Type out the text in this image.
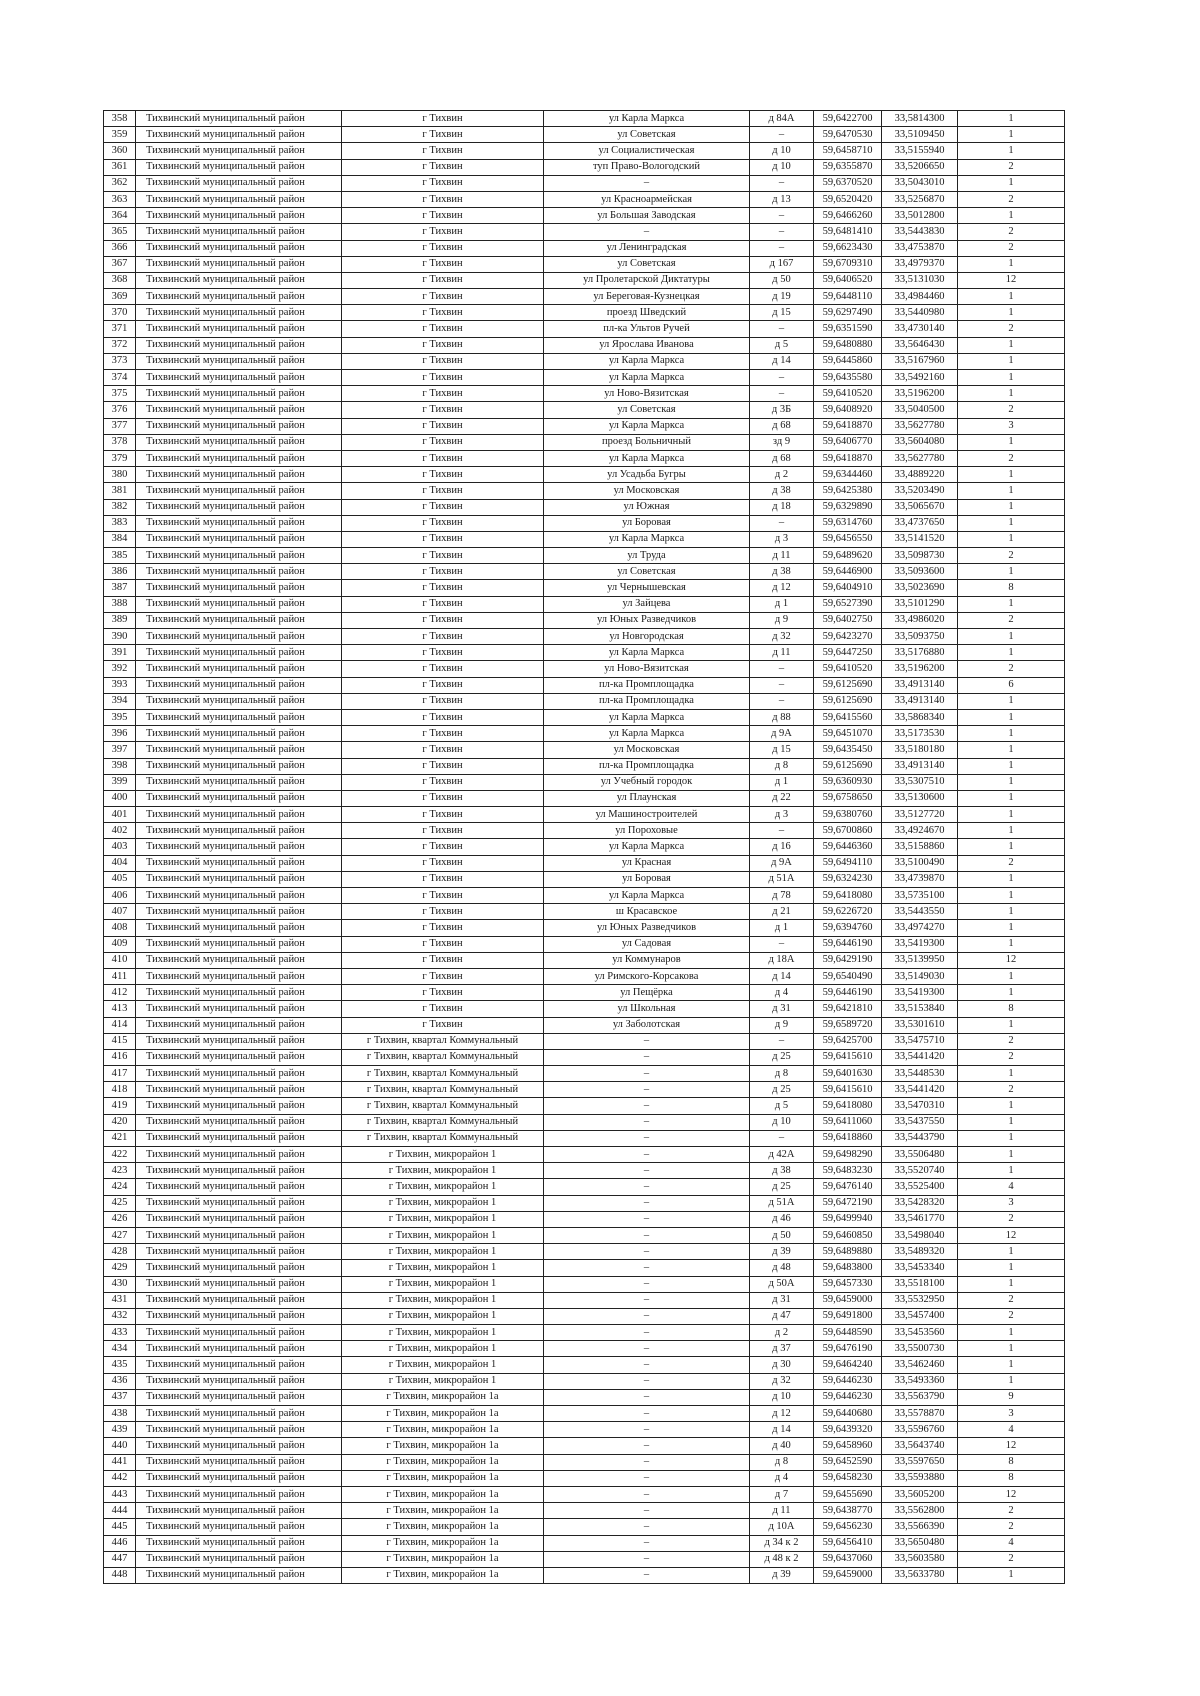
358	Тихвинский муниципальный район	г Тихвин	ул Карла Маркса	д 84А	59,6422700	33,5814300	1
359	Тихвинский муниципальный район	г Тихвин	ул Советская	–	59,6470530	33,5109450	1
360	Тихвинский муниципальный район	г Тихвин	ул Социалистическая	д 10	59,6458710	33,5155940	1
361	Тихвинский муниципальный район	г Тихвин	туп Право-Вологодский	д 10	59,6355870	33,5206650	2
362	Тихвинский муниципальный район	г Тихвин	–	–	59,6370520	33,5043010	1
363	Тихвинский муниципальный район	г Тихвин	ул Красноармейская	д 13	59,6520420	33,5256870	2
364	Тихвинский муниципальный район	г Тихвин	ул Большая Заводская	–	59,6466260	33,5012800	1
365	Тихвинский муниципальный район	г Тихвин	–	–	59,6481410	33,5443830	2
366	Тихвинский муниципальный район	г Тихвин	ул Ленинградская	–	59,6623430	33,4753870	2
367	Тихвинский муниципальный район	г Тихвин	ул Советская	д 167	59,6709310	33,4979370	1
368	Тихвинский муниципальный район	г Тихвин	ул Пролетарской Диктатуры	д 50	59,6406520	33,5131030	12
369	Тихвинский муниципальный район	г Тихвин	ул Береговая-Кузнецкая	д 19	59,6448110	33,4984460	1
370	Тихвинский муниципальный район	г Тихвин	проезд Шведский	д 15	59,6297490	33,5440980	1
371	Тихвинский муниципальный район	г Тихвин	пл-ка Ультов Ручей	–	59,6351590	33,4730140	2
372	Тихвинский муниципальный район	г Тихвин	ул Ярослава Иванова	д 5	59,6480880	33,5646430	1
373	Тихвинский муниципальный район	г Тихвин	ул Карла Маркса	д 14	59,6445860	33,5167960	1
374	Тихвинский муниципальный район	г Тихвин	ул Карла Маркса	–	59,6435580	33,5492160	1
375	Тихвинский муниципальный район	г Тихвин	ул Ново-Вязитская	–	59,6410520	33,5196200	1
376	Тихвинский муниципальный район	г Тихвин	ул Советская	д 3Б	59,6408920	33,5040500	2
377	Тихвинский муниципальный район	г Тихвин	ул Карла Маркса	д 68	59,6418870	33,5627780	3
378	Тихвинский муниципальный район	г Тихвин	проезд Больничный	зд 9	59,6406770	33,5604080	1
379	Тихвинский муниципальный район	г Тихвин	ул Карла Маркса	д 68	59,6418870	33,5627780	2
380	Тихвинский муниципальный район	г Тихвин	ул Усадьба Бугры	д 2	59,6344460	33,4889220	1
381	Тихвинский муниципальный район	г Тихвин	ул Московская	д 38	59,6425380	33,5203490	1
382	Тихвинский муниципальный район	г Тихвин	ул Южная	д 18	59,6329890	33,5065670	1
383	Тихвинский муниципальный район	г Тихвин	ул Боровая	–	59,6314760	33,4737650	1
384	Тихвинский муниципальный район	г Тихвин	ул Карла Маркса	д 3	59,6456550	33,5141520	1
385	Тихвинский муниципальный район	г Тихвин	ул Труда	д 11	59,6489620	33,5098730	2
386	Тихвинский муниципальный район	г Тихвин	ул Советская	д 38	59,6446900	33,5093600	1
387	Тихвинский муниципальный район	г Тихвин	ул Чернышевская	д 12	59,6404910	33,5023690	8
388	Тихвинский муниципальный район	г Тихвин	ул Зайцева	д 1	59,6527390	33,5101290	1
389	Тихвинский муниципальный район	г Тихвин	ул Юных Разведчиков	д 9	59,6402750	33,4986020	2
390	Тихвинский муниципальный район	г Тихвин	ул Новгородская	д 32	59,6423270	33,5093750	1
391	Тихвинский муниципальный район	г Тихвин	ул Карла Маркса	д 11	59,6447250	33,5176880	1
392	Тихвинский муниципальный район	г Тихвин	ул Ново-Вязитская	–	59,6410520	33,5196200	2
393	Тихвинский муниципальный район	г Тихвин	пл-ка Промплощадка	–	59,6125690	33,4913140	6
394	Тихвинский муниципальный район	г Тихвин	пл-ка Промплощадка	–	59,6125690	33,4913140	1
395	Тихвинский муниципальный район	г Тихвин	ул Карла Маркса	д 88	59,6415560	33,5868340	1
396	Тихвинский муниципальный район	г Тихвин	ул Карла Маркса	д 9А	59,6451070	33,5173530	1
397	Тихвинский муниципальный район	г Тихвин	ул Московская	д 15	59,6435450	33,5180180	1
398	Тихвинский муниципальный район	г Тихвин	пл-ка Промплощадка	д 8	59,6125690	33,4913140	1
399	Тихвинский муниципальный район	г Тихвин	ул Учебный городок	д 1	59,6360930	33,5307510	1
400	Тихвинский муниципальный район	г Тихвин	ул Плаунская	д 22	59,6758650	33,5130600	1
401	Тихвинский муниципальный район	г Тихвин	ул Машиностроителей	д 3	59,6380760	33,5127720	1
402	Тихвинский муниципальный район	г Тихвин	ул Пороховые	–	59,6700860	33,4924670	1
403	Тихвинский муниципальный район	г Тихвин	ул Карла Маркса	д 16	59,6446360	33,5158860	1
404	Тихвинский муниципальный район	г Тихвин	ул Красная	д 9А	59,6494110	33,5100490	2
405	Тихвинский муниципальный район	г Тихвин	ул Боровая	д 51А	59,6324230	33,4739870	1
406	Тихвинский муниципальный район	г Тихвин	ул Карла Маркса	д 78	59,6418080	33,5735100	1
407	Тихвинский муниципальный район	г Тихвин	ш Красавское	д 21	59,6226720	33,5443550	1
408	Тихвинский муниципальный район	г Тихвин	ул Юных Разведчиков	д 1	59,6394760	33,4974270	1
409	Тихвинский муниципальный район	г Тихвин	ул Садовая	–	59,6446190	33,5419300	1
410	Тихвинский муниципальный район	г Тихвин	ул Коммунаров	д 18А	59,6429190	33,5139950	12
411	Тихвинский муниципальный район	г Тихвин	ул Римского-Корсакова	д 14	59,6540490	33,5149030	1
412	Тихвинский муниципальный район	г Тихвин	ул Пещёрка	д 4	59,6446190	33,5419300	1
413	Тихвинский муниципальный район	г Тихвин	ул Школьная	д 31	59,6421810	33,5153840	8
414	Тихвинский муниципальный район	г Тихвин	ул Заболотская	д 9	59,6589720	33,5301610	1
415	Тихвинский муниципальный район	г Тихвин, квартал Коммунальный	–	–	59,6425700	33,5475710	2
416	Тихвинский муниципальный район	г Тихвин, квартал Коммунальный	–	д 25	59,6415610	33,5441420	2
417	Тихвинский муниципальный район	г Тихвин, квартал Коммунальный	–	д 8	59,6401630	33,5448530	1
418	Тихвинский муниципальный район	г Тихвин, квартал Коммунальный	–	д 25	59,6415610	33,5441420	2
419	Тихвинский муниципальный район	г Тихвин, квартал Коммунальный	–	д 5	59,6418080	33,5470310	1
420	Тихвинский муниципальный район	г Тихвин, квартал Коммунальный	–	д 10	59,6411060	33,5437550	1
421	Тихвинский муниципальный район	г Тихвин, квартал Коммунальный	–	–	59,6418860	33,5443790	1
422	Тихвинский муниципальный район	г Тихвин, микрорайон 1	–	д 42А	59,6498290	33,5506480	1
423	Тихвинский муниципальный район	г Тихвин, микрорайон 1	–	д 38	59,6483230	33,5520740	1
424	Тихвинский муниципальный район	г Тихвин, микрорайон 1	–	д 25	59,6476140	33,5525400	4
425	Тихвинский муниципальный район	г Тихвин, микрорайон 1	–	д 51А	59,6472190	33,5428320	3
426	Тихвинский муниципальный район	г Тихвин, микрорайон 1	–	д 46	59,6499940	33,5461770	2
427	Тихвинский муниципальный район	г Тихвин, микрорайон 1	–	д 50	59,6460850	33,5498040	12
428	Тихвинский муниципальный район	г Тихвин, микрорайон 1	–	д 39	59,6489880	33,5489320	1
429	Тихвинский муниципальный район	г Тихвин, микрорайон 1	–	д 48	59,6483800	33,5453340	1
430	Тихвинский муниципальный район	г Тихвин, микрорайон 1	–	д 50А	59,6457330	33,5518100	1
431	Тихвинский муниципальный район	г Тихвин, микрорайон 1	–	д 31	59,6459000	33,5532950	2
432	Тихвинский муниципальный район	г Тихвин, микрорайон 1	–	д 47	59,6491800	33,5457400	2
433	Тихвинский муниципальный район	г Тихвин, микрорайон 1	–	д 2	59,6448590	33,5453560	1
434	Тихвинский муниципальный район	г Тихвин, микрорайон 1	–	д 37	59,6476190	33,5500730	1
435	Тихвинский муниципальный район	г Тихвин, микрорайон 1	–	д 30	59,6464240	33,5462460	1
436	Тихвинский муниципальный район	г Тихвин, микрорайон 1	–	д 32	59,6446230	33,5493360	1
437	Тихвинский муниципальный район	г Тихвин, микрорайон 1а	–	д 10	59,6446230	33,5563790	9
438	Тихвинский муниципальный район	г Тихвин, микрорайон 1а	–	д 12	59,6440680	33,5578870	3
439	Тихвинский муниципальный район	г Тихвин, микрорайон 1а	–	д 14	59,6439320	33,5596760	4
440	Тихвинский муниципальный район	г Тихвин, микрорайон 1а	–	д 40	59,6458960	33,5643740	12
441	Тихвинский муниципальный район	г Тихвин, микрорайон 1а	–	д 8	59,6452590	33,5597650	8
442	Тихвинский муниципальный район	г Тихвин, микрорайон 1а	–	д 4	59,6458230	33,5593880	8
443	Тихвинский муниципальный район	г Тихвин, микрорайон 1а	–	д 7	59,6455690	33,5605200	12
444	Тихвинский муниципальный район	г Тихвин, микрорайон 1а	–	д 11	59,6438770	33,5562800	2
445	Тихвинский муниципальный район	г Тихвин, микрорайон 1а	–	д 10А	59,6456230	33,5566390	2
446	Тихвинский муниципальный район	г Тихвин, микрорайон 1а	–	д 34 к 2	59,6456410	33,5650480	4
447	Тихвинский муниципальный район	г Тихвин, микрорайон 1а	–	д 48 к 2	59,6437060	33,5603580	2
448	Тихвинский муниципальный район	г Тихвин, микрорайон 1а	–	д 39	59,6459000	33,5633780	1
